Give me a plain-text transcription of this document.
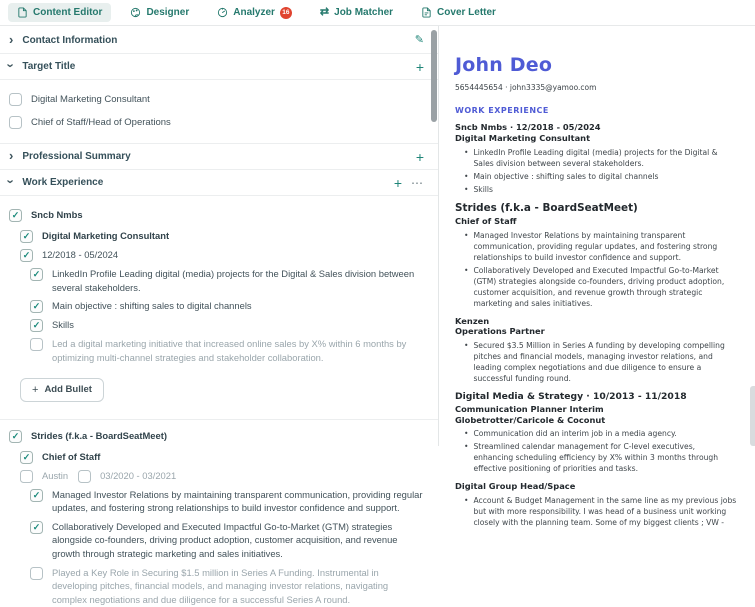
Content Editor	Designer	Analyzer	16	⇄ Job Matcher	Cover Letter
› Contact Information	✎
› Target Title	+
Digital Marketing Consultant
Chief of Staff/Head of Operations
› Professional Summary	+
› Work Experience	+ ⋯
✓ Sncb Nmbs
✓ Digital Marketing Consultant
✓ 12/2018 - 05/2024
✓ LinkedIn Profile Leading digital (media) projects for the Digital & Sales division between several stakeholders.
✓ Main objective : shifting sales to digital channels
✓ Skills
Led a digital marketing initiative that increased online sales by X% within 6 months by optimizing multi-channel strategies and stakeholder collaboration.
+ Add Bullet
✓ Strides (f.k.a - BoardSeatMeet)
✓ Chief of Staff
Austin	03/2020 - 03/2021
✓ Managed Investor Relations by maintaining transparent communication, providing regular updates, and fostering strong relationships to build investor confidence and support.
✓ Collaboratively Developed and Executed Impactful Go-to-Market (GTM) strategies alongside co-founders, driving product adoption, customer acquisition, and revenue growth through strategic marketing and sales initiatives.
Played a Key Role in Securing $1.5 million in Series A Funding. Instrumental in developing pitches, financial models, and managing investor relations, navigating complex negotiations and due diligence for a successful Series A round.
John Deo
5654445654 · john3335@yamoo.com
WORK EXPERIENCE
Sncb Nmbs · 12/2018 - 05/2024
Digital Marketing Consultant
• LinkedIn Profile Leading digital (media) projects for the Digital & Sales division between several stakeholders.
• Main objective : shifting sales to digital channels
• Skills
Strides (f.k.a - BoardSeatMeet)
Chief of Staff
• Managed Investor Relations by maintaining transparent communication, providing regular updates, and fostering strong relationships to build investor confidence and support.
• Collaboratively Developed and Executed Impactful Go-to-Market (GTM) strategies alongside co-founders, driving product adoption, customer acquisition, and revenue growth through strategic marketing and sales initiatives.
Kenzen
Operations Partner
• Secured $3.5 Million in Series A funding by developing compelling pitches and financial models, managing investor relations, and leading complex negotiations and due diligence to ensure a successful funding round.
Digital Media & Strategy · 10/2013 - 11/2018
Communication Planner Interim
Globetrotter/Caricole & Coconut
• Communication did an interim job in a media agency.
• Streamlined calendar management for C-level executives, enhancing scheduling efficiency by X% within 3 months through effective positioning of priorities and tasks.
Digital Group Head/Space
• Account & Budget Management in the same line as my previous jobs but with more responsibility. I was head of a business unit working closely with the planning team. Some of my biggest clients ; VW -
